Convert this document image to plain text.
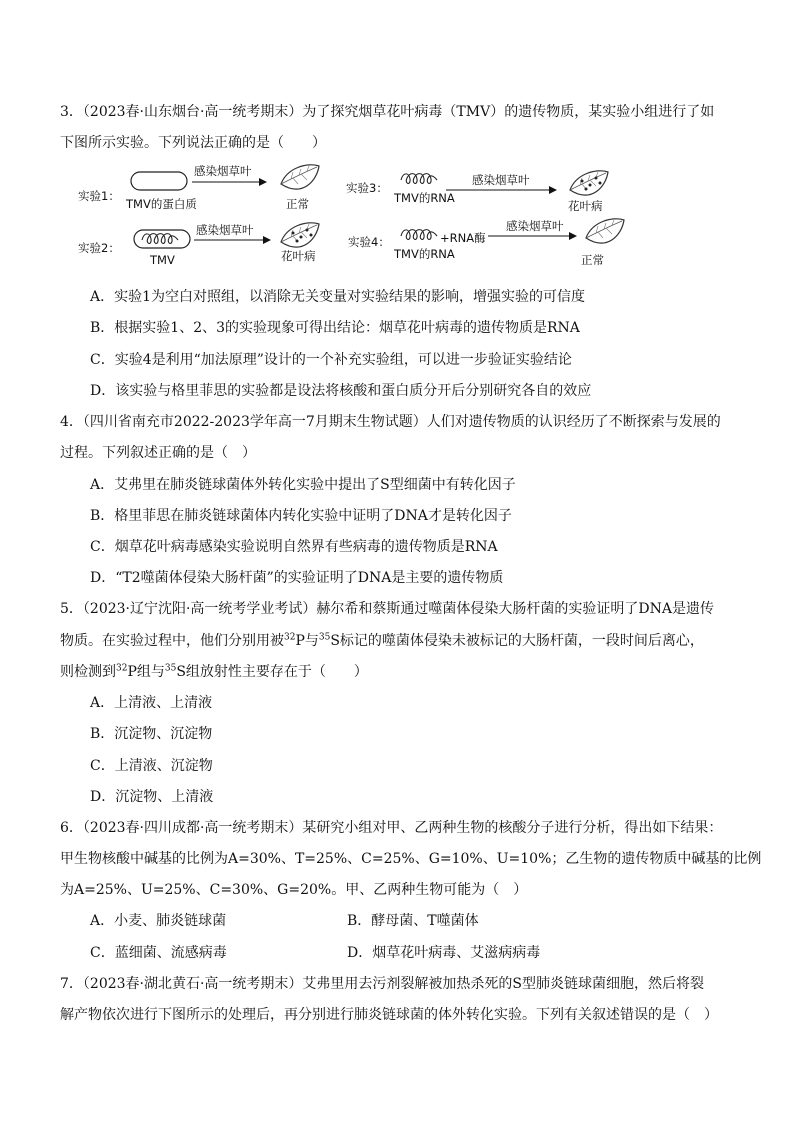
3．（2023春·山东烟台·高一统考期末）为了探究烟草花叶病毒（TMV）的遗传物质，某实验小组进行了如
下图所示实验。下列说法正确的是（　　）
实验1：
TMV的蛋白质
感染烟草叶
正常
实验2：
TMV
感染烟草叶
花叶病
实验3：
TMV的RNA
感染烟草叶
花叶病
实验4：	+RNA酶
TMV的RNA
感染烟草叶
正常
A．实验1为空白对照组，以消除无关变量对实验结果的影响，增强实验的可信度
B．根据实验1、2、3的实验现象可得出结论：烟草花叶病毒的遗传物质是RNA
C．实验4是利用“加法原理”设计的一个补充实验组，可以进一步验证实验结论
D．该实验与格里菲思的实验都是设法将核酸和蛋白质分开后分别研究各自的效应
4．（四川省南充市2022-2023学年高一7月期末生物试题）人们对遗传物质的认识经历了不断探索与发展的
过程。下列叙述正确的是（　）
A．艾弗里在肺炎链球菌体外转化实验中提出了S型细菌中有转化因子
B．格里菲思在肺炎链球菌体内转化实验中证明了DNA才是转化因子
C．烟草花叶病毒感染实验说明自然界有些病毒的遗传物质是RNA
D．“T2噬菌体侵染大肠杆菌”的实验证明了DNA是主要的遗传物质
5．（2023·辽宁沈阳·高一统考学业考试）赫尔希和蔡斯通过噬菌体侵染大肠杆菌的实验证明了DNA是遗传
物质。在实验过程中，他们分别用被$^{32}$P与$^{35}$S标记的噬菌体侵染未被标记的大肠杆菌，一段时间后离心，
则检测到$^{32}$P组与$^{35}$S组放射性主要存在于（　　）
A．上清液、上清液
B．沉淀物、沉淀物
C．上清液、沉淀物
D．沉淀物、上清液
6．（2023春·四川成都·高一统考期末）某研究小组对甲、乙两种生物的核酸分子进行分析，得出如下结果：
甲生物核酸中碱基的比例为A=30%、T=25%、C=25%、G=10%、U=10%；乙生物的遗传物质中碱基的比例
为A=25%、U=25%、C=30%、G=20%。甲、乙两种生物可能为（　）
A．小麦、肺炎链球菌	B．酵母菌、T噬菌体
C．蓝细菌、流感病毒	D．烟草花叶病毒、艾滋病病毒
7．（2023春·湖北黄石·高一统考期末）艾弗里用去污剂裂解被加热杀死的S型肺炎链球菌细胞，然后将裂
解产物依次进行下图所示的处理后，再分别进行肺炎链球菌的体外转化实验。下列有关叙述错误的是（　）
